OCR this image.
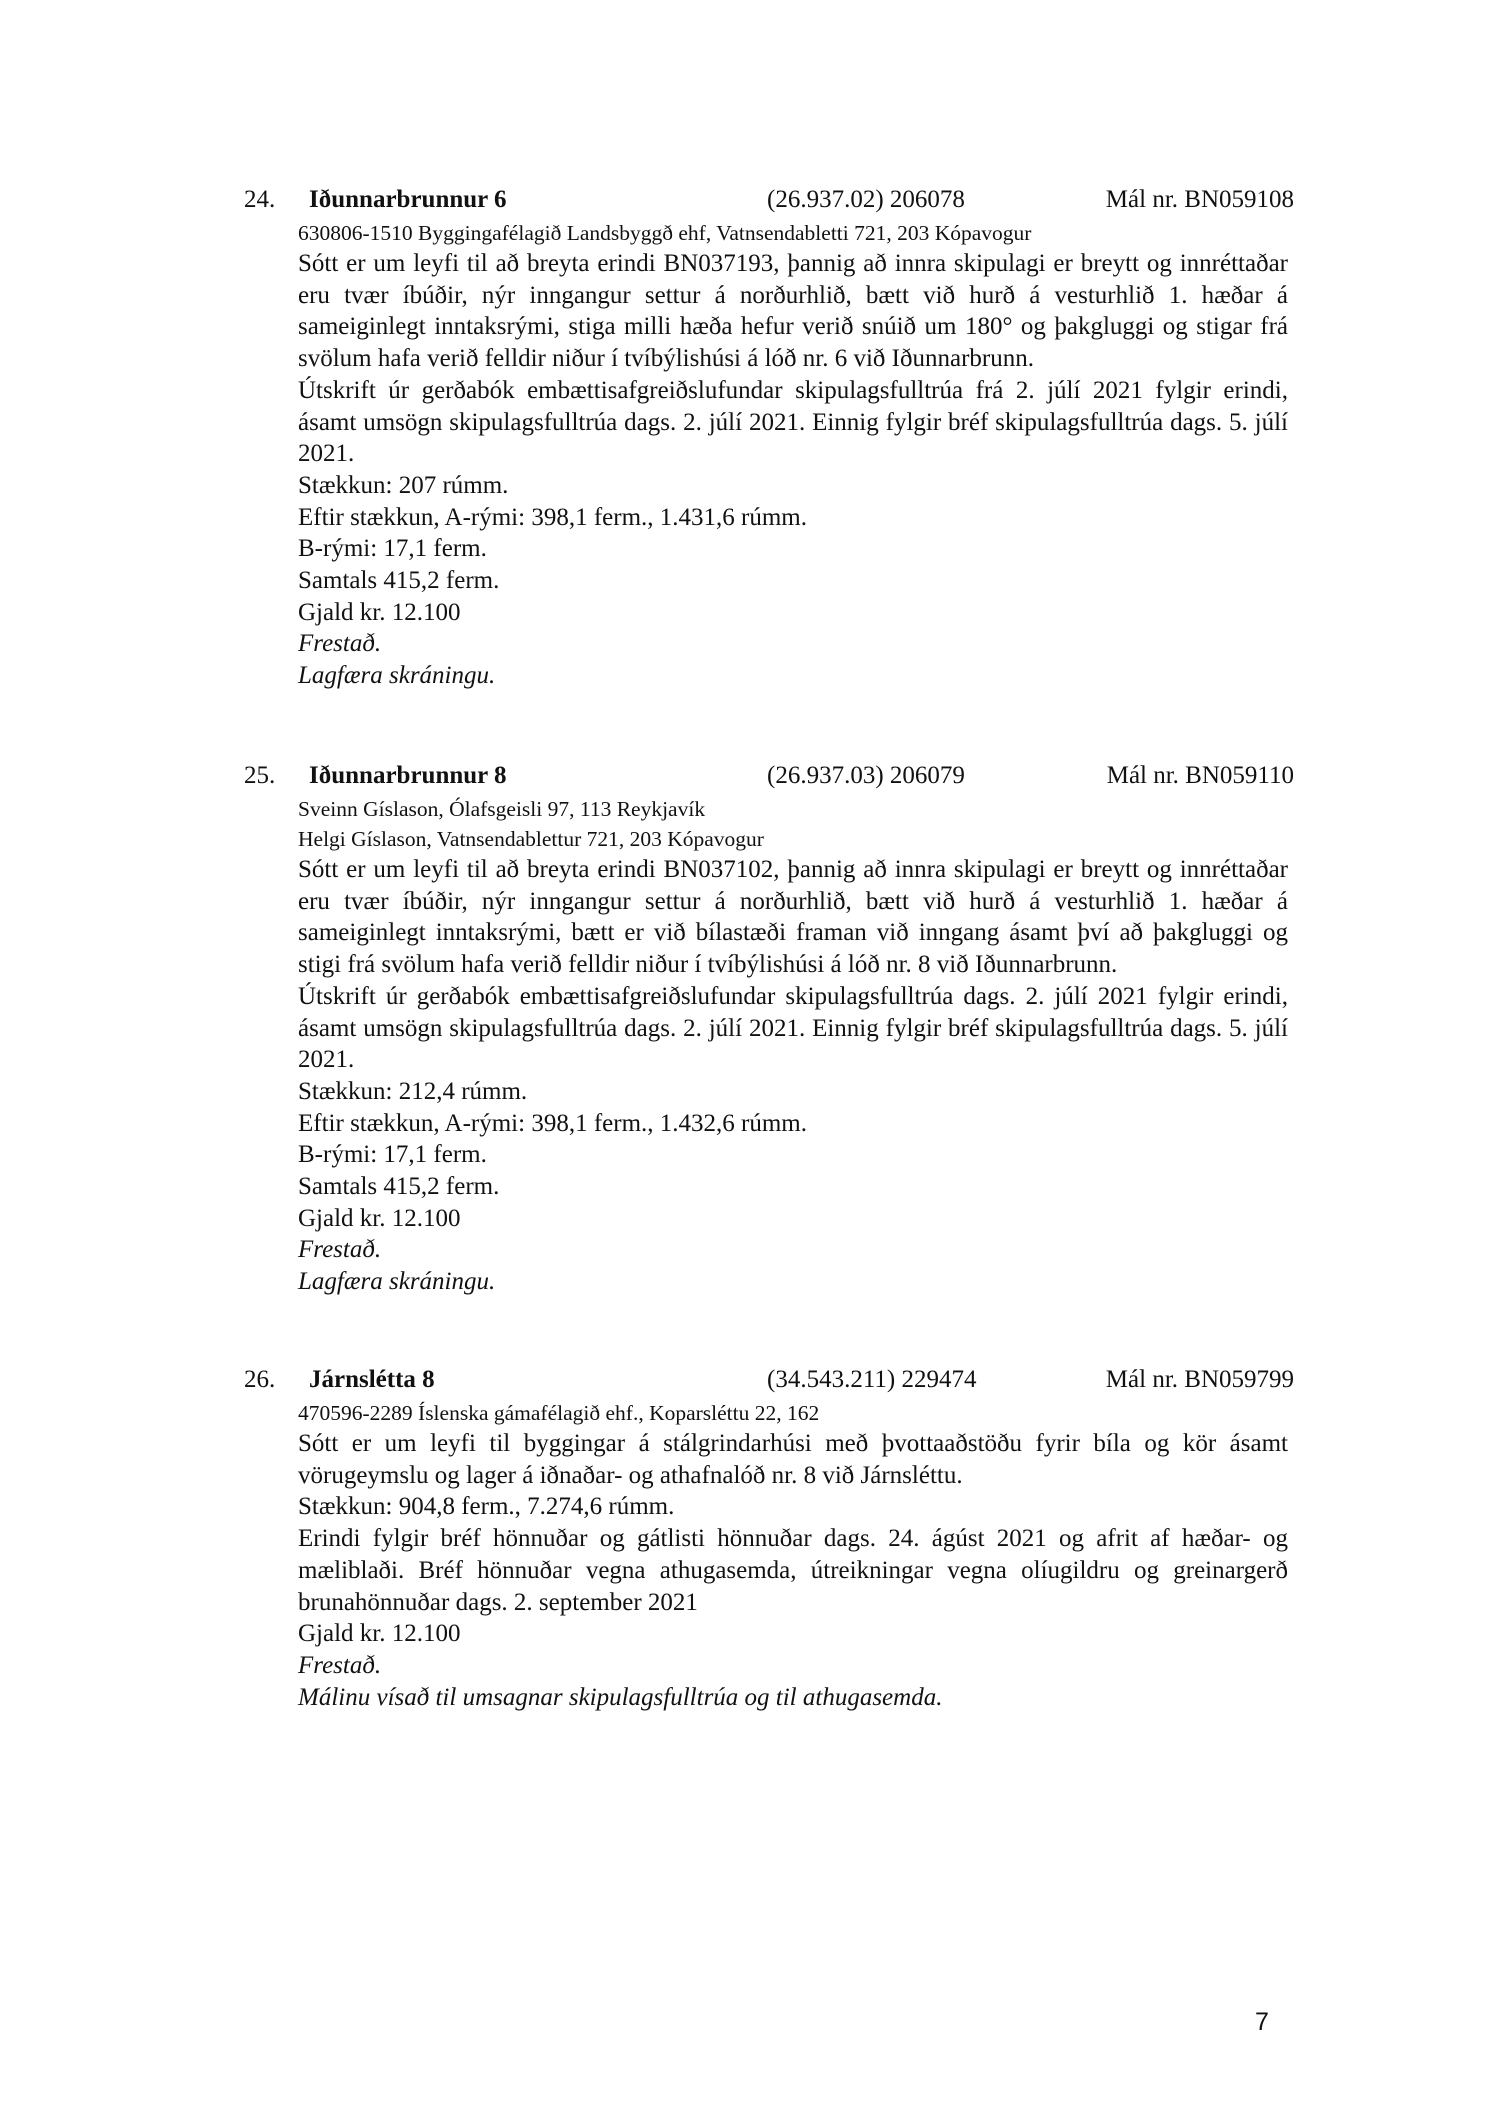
24. Iðunnarbrunnur 6	(26.937.02) 206078	Mál nr. BN059108
630806-1510 Byggingafélagið Landsbyggð ehf, Vatnsendabletti 721, 203 Kópavogur

Sótt er um leyfi til að breyta erindi BN037193, þannig að innra skipulagi er breytt og innréttaðar eru tvær íbúðir, nýr inngangur settur á norðurhlið, bætt við hurð á vesturhlið 1. hæðar á sameiginlegt inntaksrými, stiga milli hæða hefur verið snúið um 180° og þakgluggi og stigar frá svölum hafa verið felldir niður í tvíbýlishúsi á lóð nr. 6 við Iðunnarbrunn.

Útskrift úr gerðabók embættisafgreiðslufundar skipulagsfulltrúa frá 2. júlí 2021 fylgir erindi, ásamt umsögn skipulagsfulltrúa dags. 2. júlí 2021. Einnig fylgir bréf skipulagsfulltrúa dags. 5. júlí 2021.

Stækkun: 207 rúmm.

Eftir stækkun, A-rými: 398,1 ferm., 1.431,6 rúmm.

B-rými: 17,1 ferm.

Samtals 415,2 ferm.

Gjald kr. 12.100

Frestað.

Lagfæra skráningu.

25. Iðunnarbrunnur 8	(26.937.03) 206079	Mál nr. BN059110
Sveinn Gíslason, Ólafsgeisli 97, 113 Reykjavík
Helgi Gíslason, Vatnsendablettur 721, 203 Kópavogur

Sótt er um leyfi til að breyta erindi BN037102, þannig að innra skipulagi er breytt og innréttaðar eru tvær íbúðir, nýr inngangur settur á norðurhlið, bætt við hurð á vesturhlið 1. hæðar á sameiginlegt inntaksrými, bætt er við bílastæði framan við inngang ásamt því að þakgluggi og stigi frá svölum hafa verið felldir niður í tvíbýlishúsi á lóð nr. 8 við Iðunnarbrunn.

Útskrift úr gerðabók embættisafgreiðslufundar skipulagsfulltrúa dags. 2. júlí 2021 fylgir erindi, ásamt umsögn skipulagsfulltrúa dags. 2. júlí 2021. Einnig fylgir bréf skipulagsfulltrúa dags. 5. júlí 2021.

Stækkun: 212,4 rúmm.

Eftir stækkun, A-rými: 398,1 ferm., 1.432,6 rúmm.

B-rými: 17,1 ferm.

Samtals 415,2 ferm.

Gjald kr. 12.100

Frestað.

Lagfæra skráningu.

26. Járnslétta 8	(34.543.211) 229474	Mál nr. BN059799
470596-2289 Íslenska gámafélagið ehf., Koparsléttu 22, 162

Sótt er um leyfi til byggingar á stálgrindarhúsi með þvottaaðstöðu fyrir bíla og kör ásamt vörugeymslu og lager á iðnaðar- og athafnalóð nr. 8 við Járnsléttu.

Stækkun: 904,8 ferm., 7.274,6 rúmm.

Erindi fylgir bréf hönnuðar og gátlisti hönnuðar dags. 24. ágúst 2021 og afrit af hæðar- og mæliblaði. Bréf hönnuðar vegna athugasemda, útreikningar vegna olíugildru og greinargerð brunahönnuðar dags. 2. september 2021

Gjald kr. 12.100

Frestað.

Málinu vísað til umsagnar skipulagsfulltrúa og til athugasemda.

7
